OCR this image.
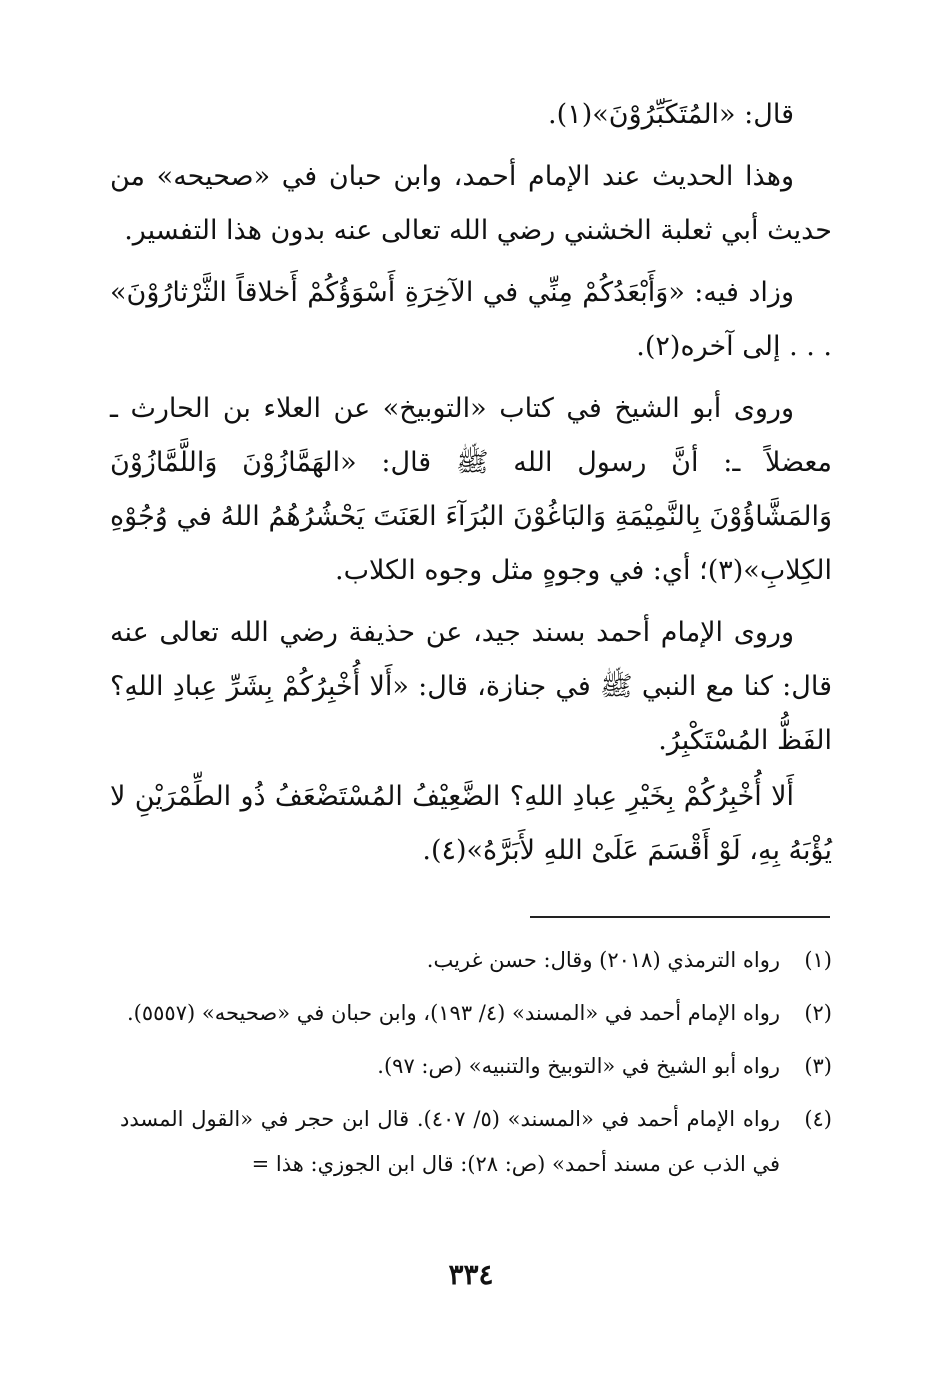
قال: «المُتَكَبِّرُوْنَ»(١).

وهذا الحديث عند الإمام أحمد، وابن حبان في «صحيحه» من حديث أبي ثعلبة الخشني رضي الله تعالى عنه بدون هذا التفسير.

وزاد فيه: «وَأَبْعَدُكُمْ مِنِّي في الآخِرَةِ أَسْوَؤُكُمْ أَخلاقاً الثَّرْثارُوْنَ» . . . إلى آخره(٢).

وروى أبو الشيخ في كتاب «التوبيخ» عن العلاء بن الحارث ـ معضلاً ـ: أنَّ رسول الله ﷺ قال: «الهَمَّازُوْنَ وَاللَّمَّازُوْنَ وَالمَشَّاؤُوْنَ بِالنَّمِيْمَةِ وَالبَاغُوْنَ البُرَآءَ العَنَتَ يَحْشُرُهُمُ اللهُ في وُجُوْهِ الكِلابِ»(٣)؛ أي: في وجوهٍ مثل وجوه الكلاب.

وروى الإمام أحمد بسند جيد، عن حذيفة رضي الله تعالى عنه قال: كنا مع النبي ﷺ في جنازة، قال: «أَلا أُخْبِرُكُمْ بِشَرِّ عِبادِ اللهِ؟ الفَظُّ المُسْتَكْبِرُ.

أَلا أُخْبِرُكُمْ بِخَيْرِ عِبادِ اللهِ؟ الضَّعِيْفُ المُسْتَضْعَفُ ذُو الطِّمْرَيْنِ لا يُؤْبَهُ بِهِ، لَوْ أَقْسَمَ عَلَىْ اللهِ لأَبَرَّهُ»(٤).

(١)
رواه الترمذي (٢٠١٨) وقال: حسن غريب.
(٢)
رواه الإمام أحمد في «المسند» (٤/ ١٩٣)، وابن حبان في «صحيحه» (٥٥٥٧).
(٣)
رواه أبو الشيخ في «التوبيخ والتنبيه» (ص: ٩٧).
(٤)
رواه الإمام أحمد في «المسند» (٥/ ٤٠٧). قال ابن حجر في «القول المسدد في الذب عن مسند أحمد» (ص: ٢٨): قال ابن الجوزي: هذا =
٣٣٤
